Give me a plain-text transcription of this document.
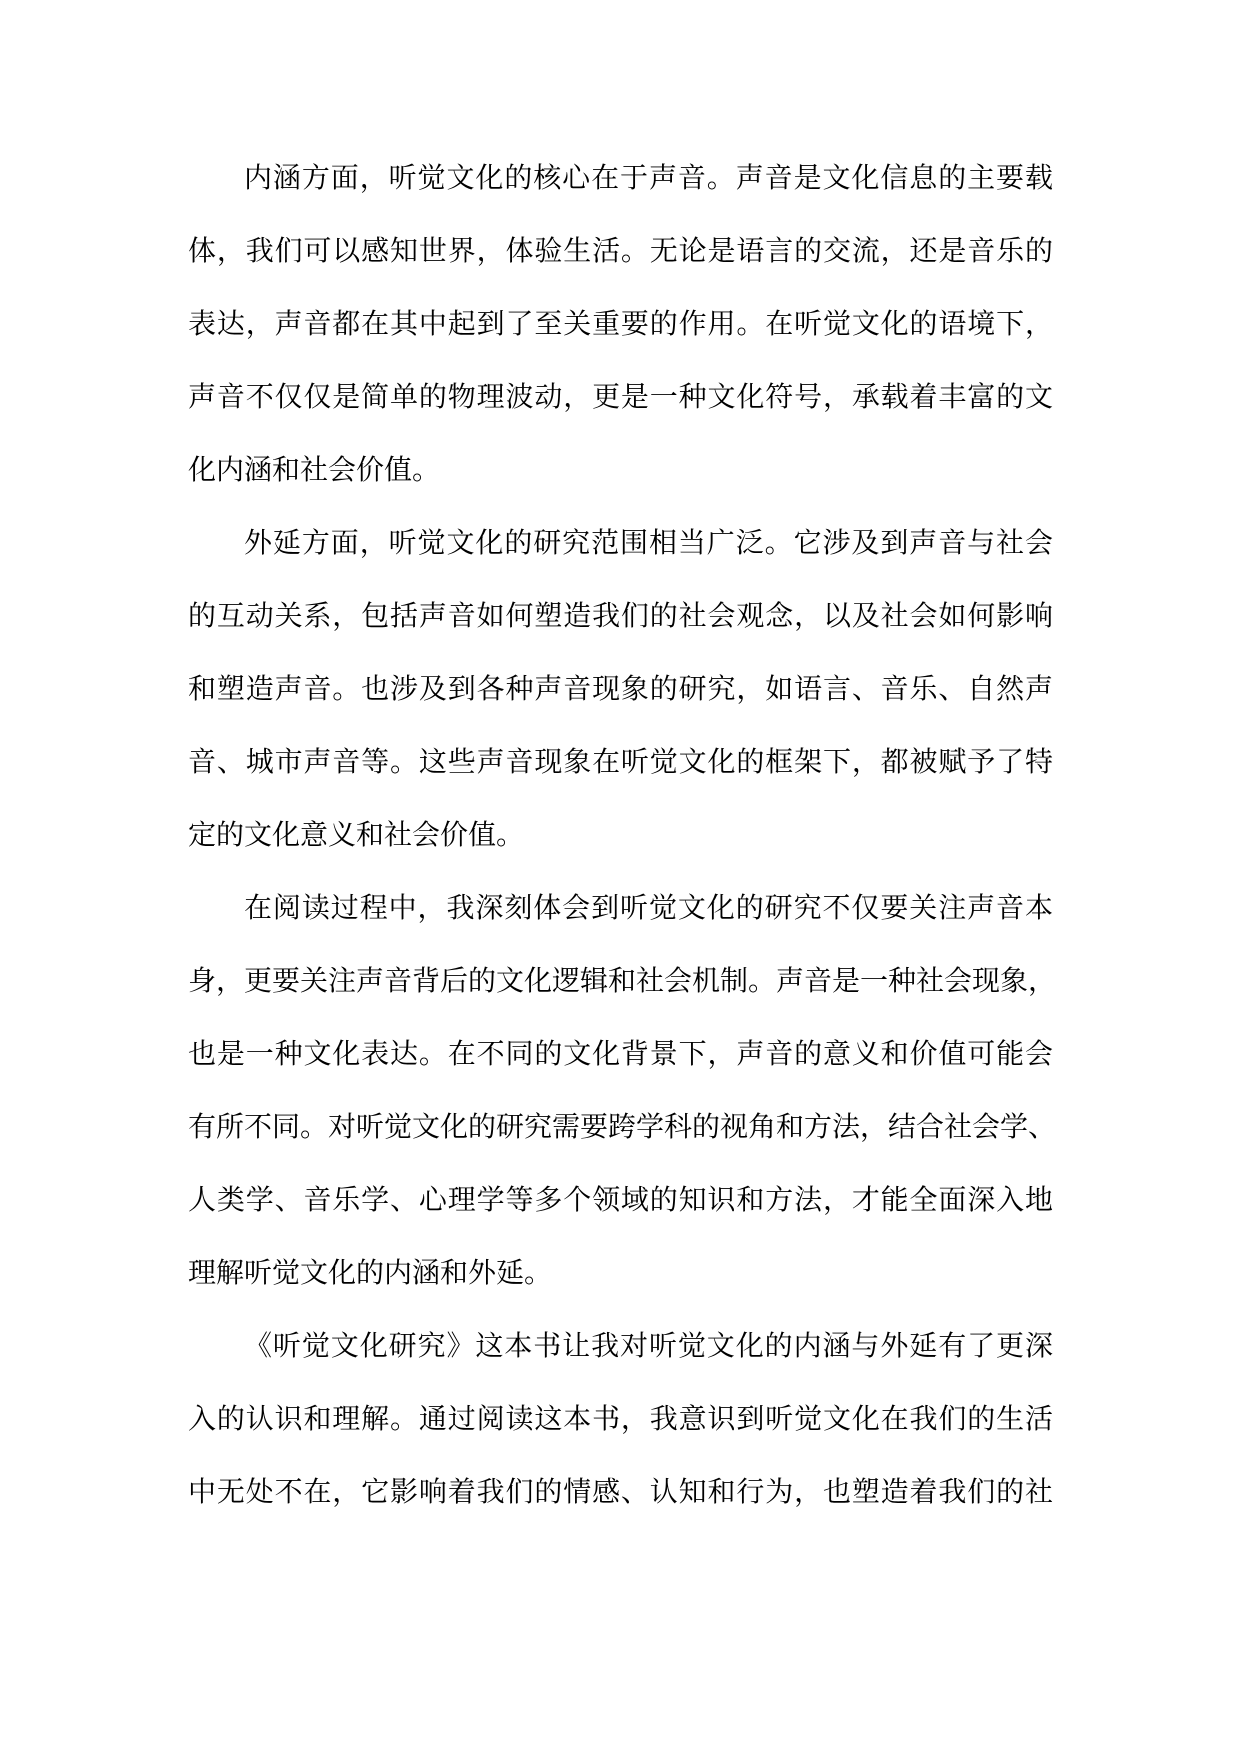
内涵方面，听觉文化的核心在于声音。声音是文化信息的主要载
体，我们可以感知世界，体验生活。无论是语言的交流，还是音乐的
表达，声音都在其中起到了至关重要的作用。在听觉文化的语境下，
声音不仅仅是简单的物理波动，更是一种文化符号，承载着丰富的文
化内涵和社会价值。
外延方面，听觉文化的研究范围相当广泛。它涉及到声音与社会
的互动关系，包括声音如何塑造我们的社会观念，以及社会如何影响
和塑造声音。也涉及到各种声音现象的研究，如语言、音乐、自然声
音、城市声音等。这些声音现象在听觉文化的框架下，都被赋予了特
定的文化意义和社会价值。
在阅读过程中，我深刻体会到听觉文化的研究不仅要关注声音本
身，更要关注声音背后的文化逻辑和社会机制。声音是一种社会现象，
也是一种文化表达。在不同的文化背景下，声音的意义和价值可能会
有所不同。对听觉文化的研究需要跨学科的视角和方法，结合社会学、
人类学、音乐学、心理学等多个领域的知识和方法，才能全面深入地
理解听觉文化的内涵和外延。
《听觉文化研究》这本书让我对听觉文化的内涵与外延有了更深
入的认识和理解。通过阅读这本书，我意识到听觉文化在我们的生活
中无处不在，它影响着我们的情感、认知和行为，也塑造着我们的社
